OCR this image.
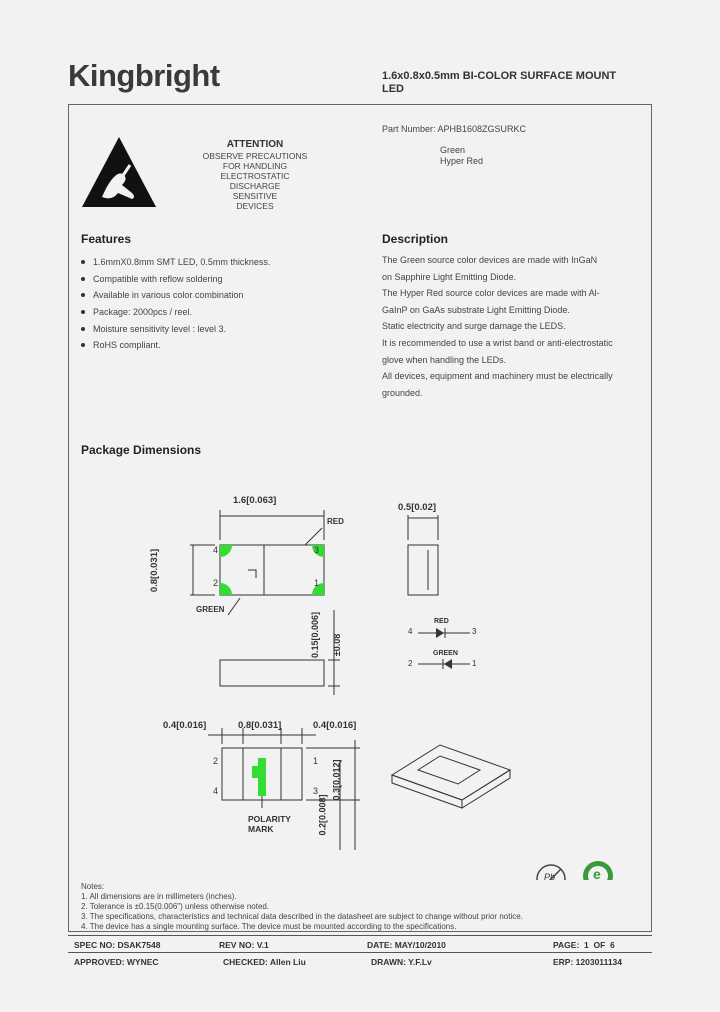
Kingbright	1.6x0.8x0.5mm BI-COLOR SURFACE MOUNT
LED
ATTENTION
OBSERVE PRECAUTIONS
FOR HANDLING
ELECTROSTATIC
DISCHARGE
SENSITIVE
DEVICES
Part Number: APHB1608ZGSURKC
Green
Hyper Red
Features
1.6mmX0.8mm SMT LED, 0.5mm thickness.
Compatible with reflow soldering
Available in various color combination
Package: 2000pcs / reel.
Moisture sensitivity level : level 3.
RoHS compliant.
Description
The Green source color devices are made with InGaN
on Sapphire Light Emitting Diode.
The Hyper Red source color devices are made with Al-
GaInP on GaAs substrate Light Emitting Diode.
Static electricity and surge damage the LEDS.
It is recommended to use a wrist band or anti-electrostatic
glove when handling the LEDs.
All devices, equipment and machinery must be electrically
grounded.
Package Dimensions
1.6[0.063]
0.8[0.031]
0.5[0.02]
0.15[0.006] ±0.08
RED
GREEN
4
2
3
1
4
RED
3
2
GREEN
1
0.4[0.016]	0.8[0.031]	0.4[0.016]
0.3[0.012]
0.2[0.008]
2
4
1
3
POLARITY
MARK
Pb	e
Notes:
1. All dimensions are in millimeters (inches).
2. Tolerance is ±0.15(0.006") unless otherwise noted.
3. The specifications, characteristics and technical data described in the datasheet are subject to change without prior notice.
4. The device has a single mounting surface. The device must be mounted according to the specifications.
SPEC NO: DSAK7548	REV NO: V.1	DATE: MAY/10/2010	PAGE:  1  OF  6
APPROVED: WYNEC	CHECKED: Allen Liu	DRAWN: Y.F.Lv	ERP: 1203011134
